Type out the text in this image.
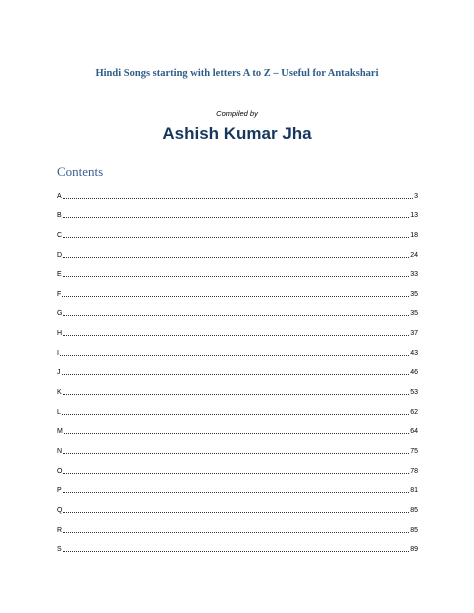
Hindi Songs starting with letters A to Z – Useful for Antakshari
Compiled by
Ashish Kumar Jha
Contents
A	3
B	13
C	18
D	24
E	33
F	35
G	35
H	37
I	43
J	46
K	53
L	62
M	64
N	75
O	78
P	81
Q	85
R	85
S	89
